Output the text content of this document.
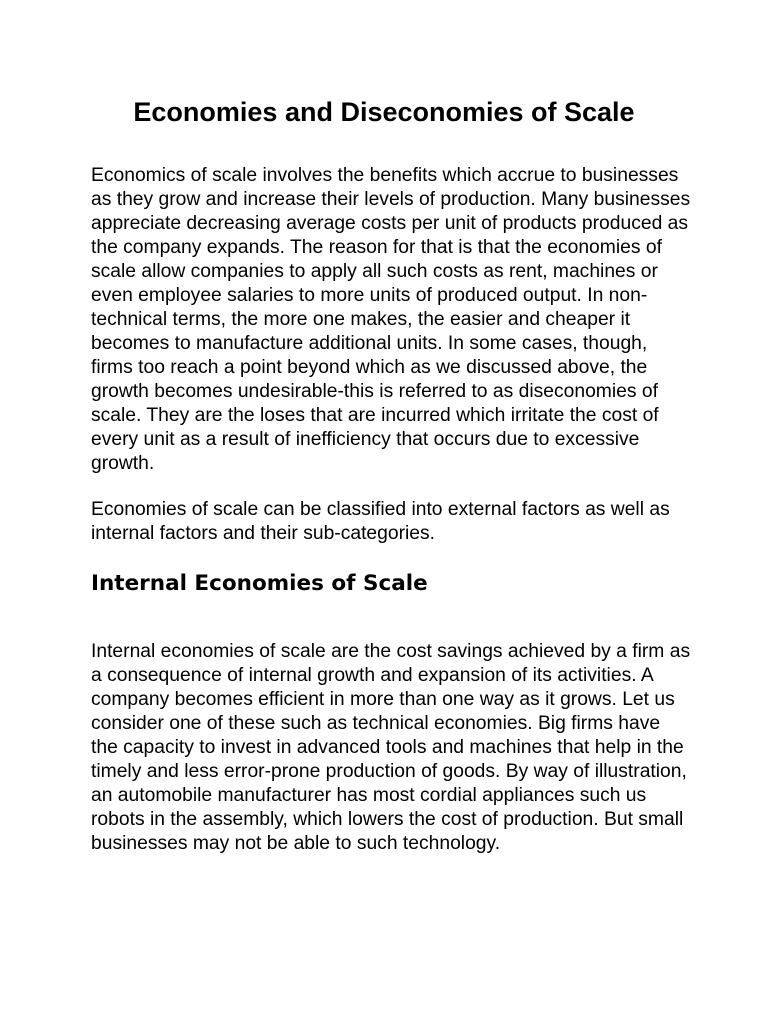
Economies and Diseconomies of Scale

Economics of scale involves the benefits which accrue to businesses as they grow and increase their levels of production. Many businesses appreciate decreasing average costs per unit of products produced as the company expands. The reason for that is that the economies of scale allow companies to apply all such costs as rent, machines or even employee salaries to more units of produced output. In non-technical terms, the more one makes, the easier and cheaper it becomes to manufacture additional units. In some cases, though, firms too reach a point beyond which as we discussed above, the growth becomes undesirable-this is referred to as diseconomies of scale. They are the loses that are incurred which irritate the cost of every unit as a result of inefficiency that occurs due to excessive growth.

Economies of scale can be classified into external factors as well as internal factors and their sub-categories.

Internal Economies of Scale

Internal economies of scale are the cost savings achieved by a firm as a consequence of internal growth and expansion of its activities. A company becomes efficient in more than one way as it grows. Let us consider one of these such as technical economies. Big firms have the capacity to invest in advanced tools and machines that help in the timely and less error-prone production of goods. By way of illustration, an automobile manufacturer has most cordial appliances such us robots in the assembly, which lowers the cost of production. But small businesses may not be able to such technology.
